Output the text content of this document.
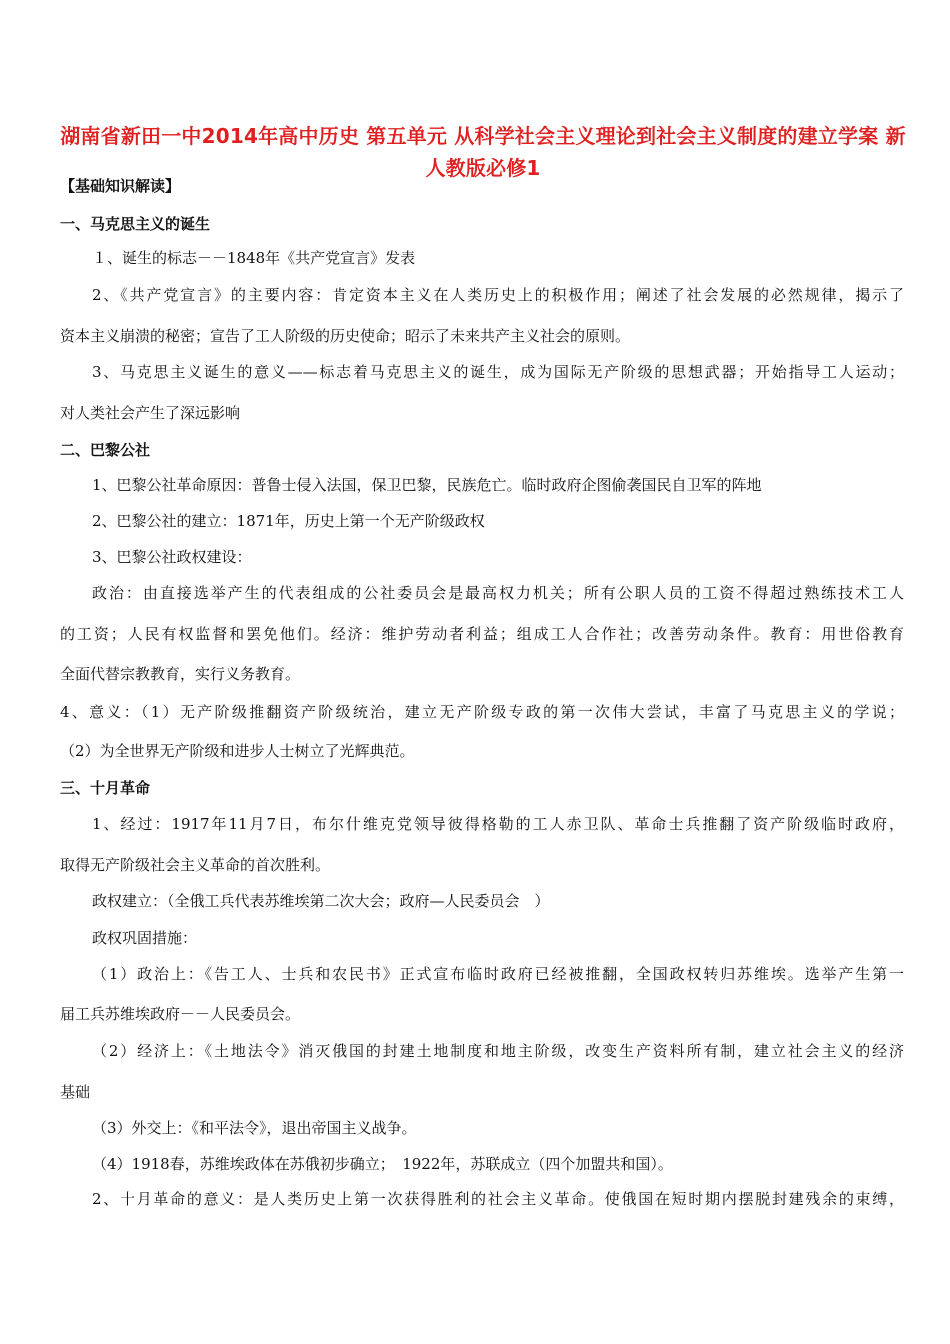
湖南省新田一中2014年高中历史 第五单元 从科学社会主义理论到社会主义制度的建立学案 新人教版必修1
【基础知识解读】
一、马克思主义的诞生
１、诞生的标志－－1848年《共产党宣言》发表
2、《共产党宣言》的主要内容：肯定资本主义在人类历史上的积极作用；阐述了社会发展的必然规律，揭示了
资本主义崩溃的秘密；宣告了工人阶级的历史使命；昭示了未来共产主义社会的原则。
3、马克思主义诞生的意义——标志着马克思主义的诞生，成为国际无产阶级的思想武器；开始指导工人运动；
对人类社会产生了深远影响
二、巴黎公社
1、巴黎公社革命原因：普鲁士侵入法国，保卫巴黎，民族危亡。临时政府企图偷袭国民自卫军的阵地
2、巴黎公社的建立：1871年，历史上第一个无产阶级政权
3、巴黎公社政权建设：
政治：由直接选举产生的代表组成的公社委员会是最高权力机关；所有公职人员的工资不得超过熟练技术工人
的工资；人民有权监督和罢免他们。经济：维护劳动者利益；组成工人合作社；改善劳动条件。教育：用世俗教育
全面代替宗教教育，实行义务教育。
4、意义：（1）无产阶级推翻资产阶级统治，建立无产阶级专政的第一次伟大尝试，丰富了马克思主义的学说；
（2）为全世界无产阶级和进步人士树立了光辉典范。
三、十月革命
1、经过：1917年11月7日，布尔什维克党领导彼得格勒的工人赤卫队、革命士兵推翻了资产阶级临时政府，
取得无产阶级社会主义革命的首次胜利。
政权建立：（全俄工兵代表苏维埃第二次大会；政府—人民委员会　）
政权巩固措施：
（1）政治上：《告工人、士兵和农民书》正式宣布临时政府已经被推翻，全国政权转归苏维埃。选举产生第一
届工兵苏维埃政府－－人民委员会。
（2）经济上：《土地法令》消灭俄国的封建土地制度和地主阶级，改变生产资料所有制，建立社会主义的经济
基础
（3）外交上：《和平法令》，退出帝国主义战争。
（4）1918春，苏维埃政体在苏俄初步确立；　1922年，苏联成立（四个加盟共和国）。
2、十月革命的意义：是人类历史上第一次获得胜利的社会主义革命。使俄国在短时期内摆脱封建残余的束缚，
